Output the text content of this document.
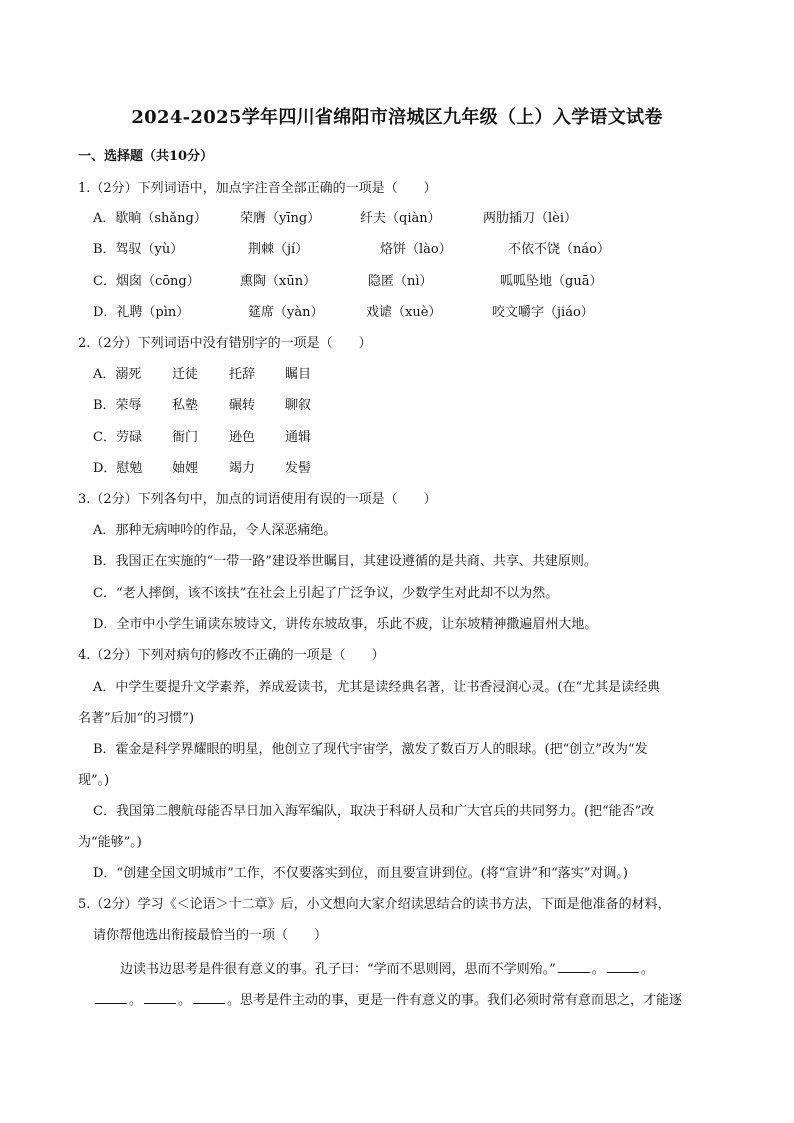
2024-2025学年四川省绵阳市涪城区九年级（上）入学语文试卷
一、选择题（共10分）
1.（2分）下列词语中，加点字注音全部正确的一项是（　　）
A．歇晌（shǎng）	荣膺（yīng）	纤夫（qiàn）	两肋插刀（lèi）
B．驾驭（yù）	荆棘（jí）	烙饼（lào）	不依不饶（náo）
C．烟囱（cōng）	熏陶（xūn）	隐匿（nì）	呱呱坠地（guā）
D．礼聘（pìn）	筵席（yàn）	戏谑（xuè）	咬文嚼字（jiáo）
2.（2分）下列词语中没有错别字的一项是（　　）
A．溺死 迁徒 托辞 瞩目
B．荣辱 私塾 碾转 聊叙
C．劳碌 衙门 逊色 通辑
D．慰勉 妯娌 竭力 发髻
3.（2分）下列各句中，加点的词语使用有误的一项是（　　）
A．那种无病呻吟的作品，令人深恶痛绝。
B．我国正在实施的“一带一路”建设举世瞩目，其建设遵循的是共商、共享、共建原则。
C．“老人摔倒，该不该扶”在社会上引起了广泛争议，少数学生对此却不以为然。
D．全市中小学生诵读东坡诗文，讲传东坡故事，乐此不疲，让东坡精神撒遍眉州大地。
4.（2分）下列对病句的修改不正确的一项是（　　）
A．中学生要提升文学素养，养成爱读书，尤其是读经典名著，让书香浸润心灵。(在“尤其是读经典
名著”后加“的习惯”)
B．霍金是科学界耀眼的明星，他创立了现代宇宙学，激发了数百万人的眼球。(把“创立”改为“发
现”。)
C．我国第二艘航母能否早日加入海军编队，取决于科研人员和广大官兵的共同努力。(把“能否”改
为“能够”。)
D．“创建全国文明城市”工作，不仅要落实到位，而且要宣讲到位。(将“宣讲”和“落实”对调。)
5.（2分）学习《＜论语＞十二章》后，小文想向大家介绍读思结合的读书方法，下面是他准备的材料，
请你帮他选出衔接最恰当的一项（　　）
边读书边思考是件很有意义的事。孔子曰：“学而不思则罔，思而不学则殆。”	。	。
。	。	。思考是件主动的事，更是一件有意义的事。我们必须时常有意而思之，才能逐
